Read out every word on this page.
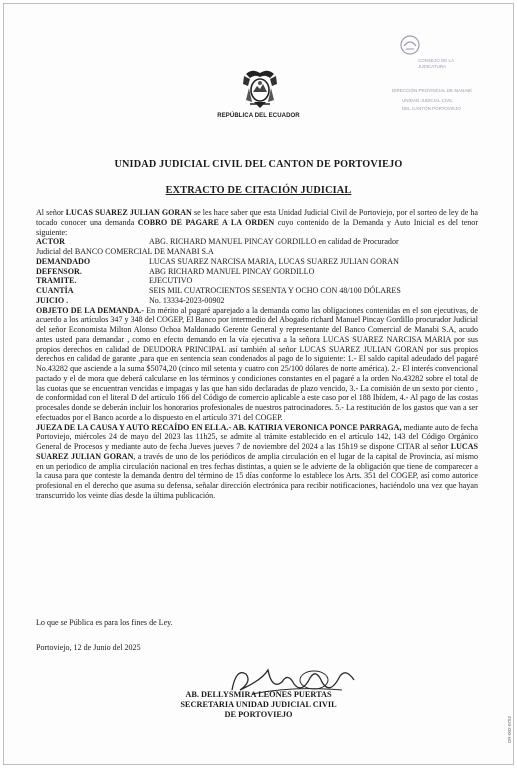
REPÚBLICA DEL ECUADOR
CONSEJO DE LA JUDICATURA
DIRECCIÓN PROVINCIAL DE MANABÍ
UNIDAD JUDICIAL CIVIL
DEL CANTÓN PORTOVIEJO
UNIDAD JUDICIAL CIVIL DEL CANTON DE PORTOVIEJO
EXTRACTO DE CITACIÓN JUDICIAL

Al señor LUCAS SUAREZ JULIAN GORAN se les hace saber que esta Unidad Judicial Civil de Portoviejo, por el sorteo de ley de ha tocado conocer una demanda COBRO DE PAGARE A LA ORDEN cuyo contenido de la Demanda y Auto Inicial es del tenor siguiente:

ACTOR	ABG. RICHARD MANUEL PINCAY GORDILLO en calidad de Procurador
Judicial del BANCO COMERCIAL DE MANABI S.A
DEMANDADO	LUCAS SUAREZ NARCISA MARIA, LUCAS SUAREZ JULIAN GORAN
DEFENSOR.	ABG RICHARD MANUEL PINCAY GORDILLO
TRAMITE.	EJECUTIVO
CUANTÍA	SEIS MIL CUATROCIENTOS SESENTA Y OCHO CON 48/100 DÓLARES
JUICIO .	No. 13334-2023-00902

OBJETO DE LA DEMANDA.- En mérito al pagaré aparejado a la demanda como las obligaciones contenidas en el son ejecutivas, de acuerdo a los artículos 347 y 348 del COGEP, El Banco por intermedio del Abogado richard Manuel Pincay Gordillo procurador Judicial del señor Economista Milton Alonso Ochoa Maldonado Gerente General y representante del Banco Comercial de Manabi S.A, acudo antes usted para demandar , como en efecto demando en la vía ejecutiva a la señora LUCAS SUAREZ NARCISA MARIA por sus propios derechos en calidad de DEUDORA PRINCIPAL así también al señor LUCAS SUAREZ JULIAN GORAN por sus propios derechos en calidad de garante ,para que en sentencia sean condenados al pago de lo siguiente: 1.- El saldo capital adeudado del pagaré No.43282 que asciende a la suma $5074,20 (cinco mil setenta y cuatro con 25/100 dólares de norte américa). 2.- El interés convencional pactado y el de mora que deberá calcularse en los términos y condiciones constantes en el pagaré a la orden No.43282 sobre el total de las cuotas que se encuentran vencidas e impagas y las que han sido declaradas de plazo vencido, 3.- La comisión de un sexto por ciento , de conformidad con el literal D del artículo 166 del Código de comercio aplicable a este caso por el 188 Ibídem, 4.- Al pago de las costas procesales donde se deberán incluir los honorarios profesionales de nuestros patrocinadores. 5.- La restitución de los gastos que van a ser efectuados por el Banco acorde a lo dispuesto en el artículo 371 del COGEP.

JUEZA DE LA CAUSA Y AUTO RECAÍDO EN ELLA.- AB. KATIRIA VERONICA PONCE PARRAGA, mediante auto de fecha Portoviejo, miércoles 24 de mayo del 2023 las 11h25, se admite al trámite establecido en el artículo 142, 143 del Código Orgánico General de Procesos y mediante auto de fecha Jueves jueves 7 de noviembre del 2024 a las 15h19 se dispone CITAR al señor LUCAS SUAREZ JULIAN GORAN, a través de uno de los periódicos de amplia circulación en el lugar de la capital de Provincia, así mismo en un periodico de amplia circulación nacional en tres fechas distintas, a quien se le advierte de la obligación que tiene de comparecer a la causa para que conteste la demanda dentro del término de 15 días conforme lo establece los Arts. 351 del COGEP, así como autorice profesional en el derecho que asuma su defensa, señalar dirección electrónica para recibir notificaciones, haciéndolo una vez que hayan transcurrido los veinte días desde la última publicación.

Lo que se Pública es para los fines de Ley.
Portoviejo, 12 de Junio del 2025
AB. DELLYSMIRA LEONES PUERTAS
SECRETARIA UNIDAD JUDICIAL CIVIL
DE PORTOVIEJO
DR-002-0752
